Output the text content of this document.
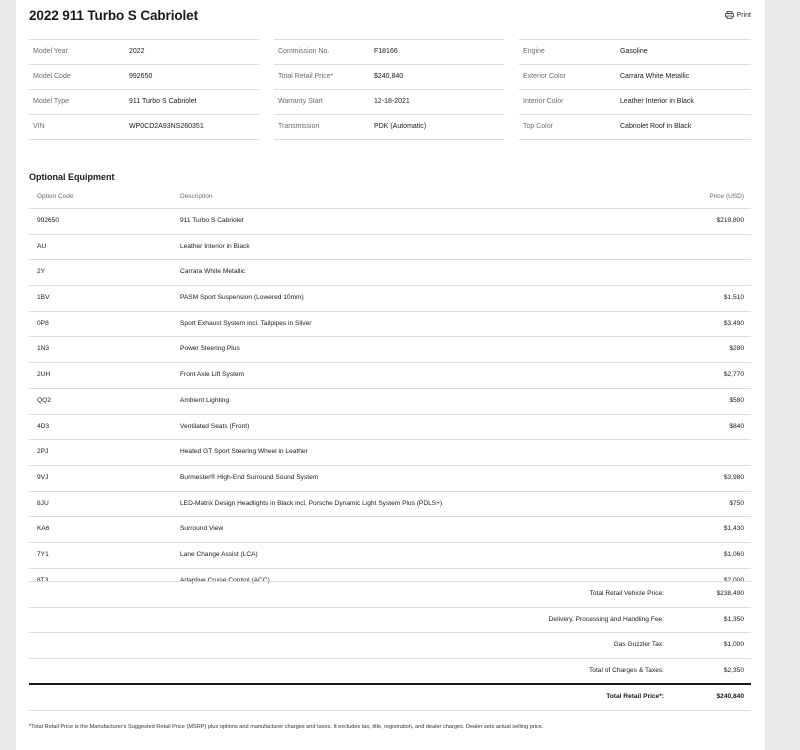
2022 911 Turbo S Cabriolet	Print
Model Year	2022
Model Code	992650
Model Type	911 Turbo S Cabriolet
VIN	WP0CD2A93NS260351
Commission No.	F18166
Total Retail Price*	$240,840
Warranty Start	12-18-2021
Transmission	PDK (Automatic)
Engine	Gasoline
Exterior Color	Carrara White Metallic
Interior Color	Leather Interior in Black
Top Color	Cabriolet Roof in Black
Optional Equipment
Option Code	Description	Price (USD)
992650	911 Turbo S Cabriolet	$219,800
AU	Leather Interior in Black
2Y	Carrara White Metallic
1BV	PASM Sport Suspension (Lowered 10mm)	$1,510
0P8	Sport Exhaust System incl. Tailpipes in Silver	$3,490
1N3	Power Steering Plus	$280
2UH	Front Axle Lift System	$2,770
QQ2	Ambient Lighting	$580
4D3	Ventilated Seats (Front)	$840
2PJ	Heated GT Sport Steering Wheel in Leather
9VJ	Burmester® High-End Surround Sound System	$3,980
8JU	LED-Matrix Design Headlights in Black incl. Porsche Dynamic Light System Plus (PDLS+)	$750
KA6	Surround View	$1,430
7Y1	Lane Change Assist (LCA)	$1,060
8T3	Adaptive Cruise Control (ACC)	$2,000
Total Retail Vehicle Price:	$238,490
Delivery, Processing and Handling Fee:	$1,350
Gas Guzzler Tax:	$1,000
Total of Charges & Taxes:	$2,350
Total Retail Price*:	$240,840
*Total Retail Price is the Manufacturer's Suggested Retail Price (MSRP) plus options and manufacturer charges and taxes. It excludes tax, title, registration, and dealer charges. Dealer sets actual selling price.
